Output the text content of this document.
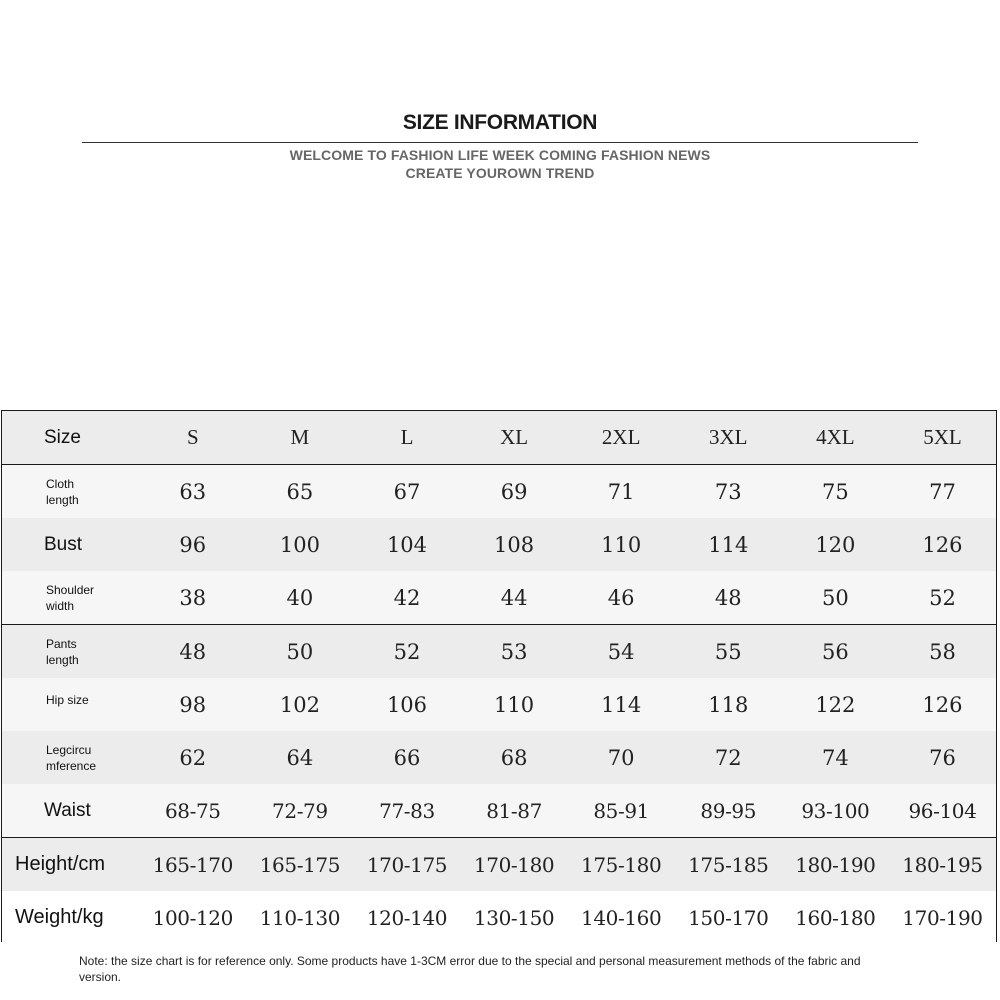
SIZE INFORMATION
WELCOME TO FASHION LIFE WEEK COMING FASHION NEWS
CREATE YOUROWN TREND
Size	S	M	L	XL	2XL	3XL	4XL	5XL
Cloth
length	63	65	67	69	71	73	75	77
Bust	96	100	104	108	110	114	120	126
Shoulder
width	38	40	42	44	46	48	50	52
Pants
length	48	50	52	53	54	55	56	58
Hip size	98	102	106	110	114	118	122	126
Legcircu
mference	62	64	66	68	70	72	74	76
Waist	68-75	72-79	77-83	81-87	85-91	89-95	93-100	96-104
Height/cm	165-170	165-175	170-175	170-180	175-180	175-185	180-190	180-195
Weight/kg	100-120	110-130	120-140	130-150	140-160	150-170	160-180	170-190
Note: the size chart is for reference only. Some products have 1-3CM error due to the special and personal measurement methods of the fabric and version.
